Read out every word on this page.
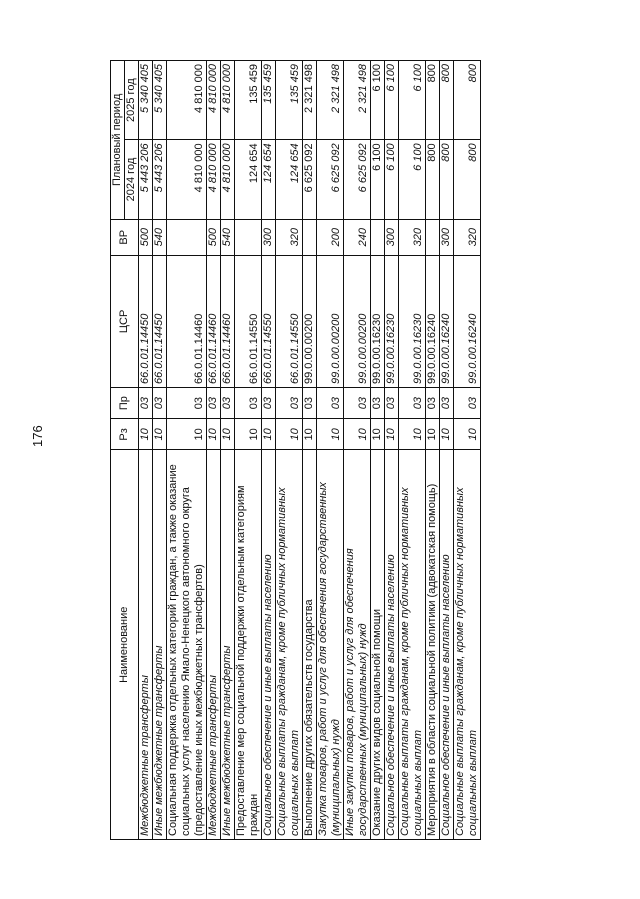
176
Наименование	Рз	Пр	ЦСР	ВР	Плановый период	
					2024 год	2025 год
Межбюджетные трансферты	10	03	66.0.01.14450	500	5 443 206	5 340 405
Иные межбюджетные трансферты	10	03	66.0.01.14450	540	5 443 206	5 340 405
Социальная поддержка отдельных категорий граждан, а также оказание социальных услуг населению Ямало-Ненецкого автономного округа (предоставление иных межбюджетных трансфертов)	10	03	66.0.01.14460		4 810 000	4 810 000
Межбюджетные трансферты	10	03	66.0.01.14460	500	4 810 000	4 810 000
Иные межбюджетные трансферты	10	03	66.0.01.14460	540	4 810 000	4 810 000
Предоставление мер социальной поддержки отдельным категориям граждан	10	03	66.0.01.14550		124 654	135 459
Социальное обеспечение и иные выплаты населению	10	03	66.0.01.14550	300	124 654	135 459
Социальные выплаты гражданам, кроме публичных нормативных социальных выплат	10	03	66.0.01.14550	320	124 654	135 459
Выполнение других обязательств государства	10	03	99.0.00.00200		6 625 092	2 321 498
Закупка товаров, работ и услуг для обеспечения государственных (муниципальных) нужд	10	03	99.0.00.00200	200	6 625 092	2 321 498
Иные закупки товаров, работ и услуг для обеспечения государственных (муниципальных) нужд	10	03	99.0.00.00200	240	6 625 092	2 321 498
Оказание других видов социальной помощи	10	03	99.0.00.16230		6 100	6 100
Социальное обеспечение и иные выплаты населению	10	03	99.0.00.16230	300	6 100	6 100
Социальные выплаты гражданам, кроме публичных нормативных социальных выплат	10	03	99.0.00.16230	320	6 100	6 100
Мероприятия в области социальной политики (адвокатская помощь)	10	03	99.0.00.16240		800	800
Социальное обеспечение и иные выплаты населению	10	03	99.0.00.16240	300	800	800
Социальные выплаты гражданам, кроме публичных нормативных социальных выплат	10	03	99.0.00.16240	320	800	800
